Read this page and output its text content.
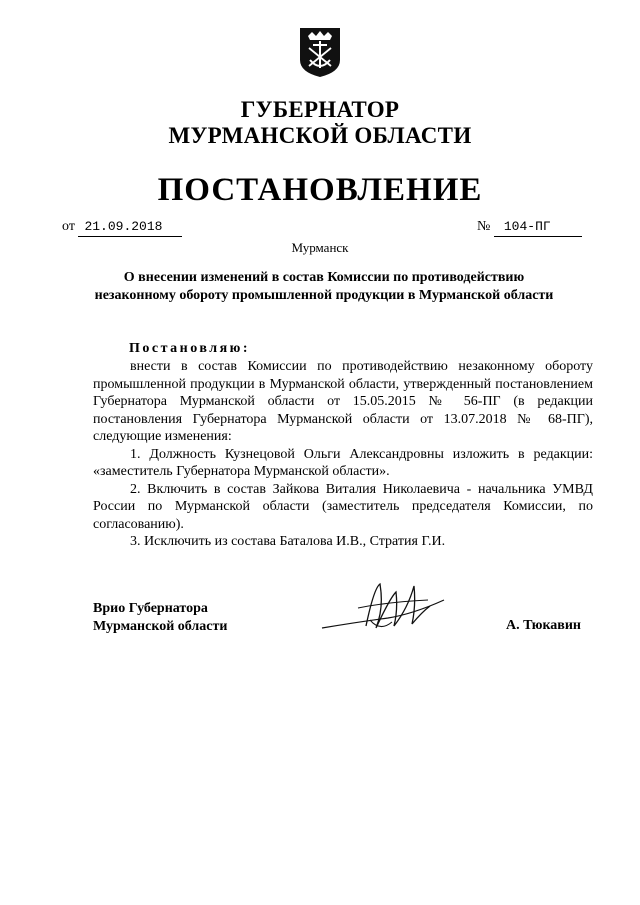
ГУБЕРНАТОР
МУРМАНСКОЙ ОБЛАСТИ
ПОСТАНОВЛЕНИЕ
от 21.09.2018	№ 104-ПГ
Мурманск
О внесении изменений в состав Комиссии по противодействию
незаконному обороту промышленной продукции в Мурманской области
Постановляю:

внести в состав Комиссии по противодействию незаконному обороту промышленной продукции в Мурманской области, утвержденный постановлением Губернатора Мурманской области от 15.05.2015 № 56-ПГ (в редакции постановления Губернатора Мурманской области от 13.07.2018 № 68-ПГ), следующие изменения:

1. Должность Кузнецовой Ольги Александровны изложить в редакции: «заместитель Губернатора Мурманской области».

2. Включить в состав Зайкова Виталия Николаевича - начальника УМВД России по Мурманской области (заместитель председателя Комиссии, по согласованию).

3. Исключить из состава Баталова И.В., Стратия Г.И.

Врио Губернатора
Мурманской области	А. Тюкавин
